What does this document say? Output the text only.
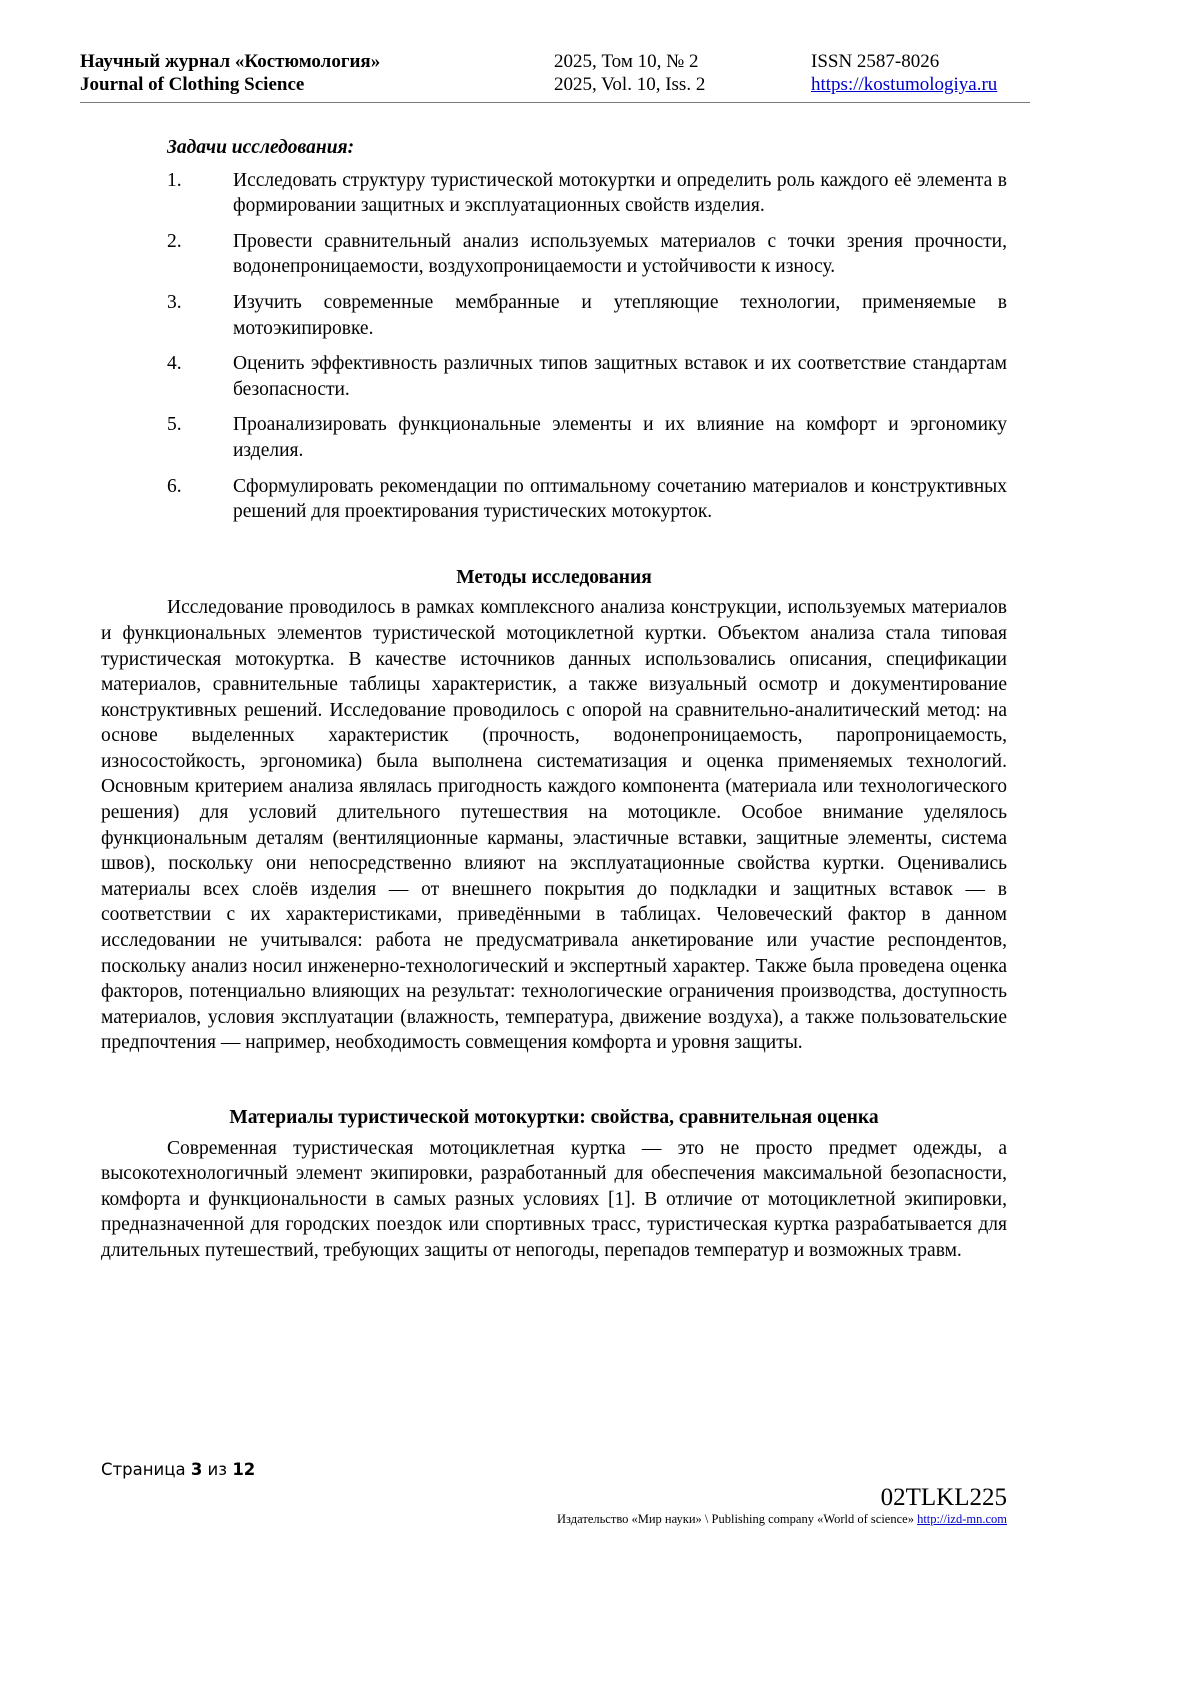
Научный журнал «Костюмология»
Journal of Clothing Science
2025, Том 10, № 2
2025, Vol. 10, Iss. 2
ISSN 2587-8026
https://kostumologiya.ru
Задачи исследования:
1.	Исследовать структуру туристической мотокуртки и определить роль каждого её элемента в формировании защитных и эксплуатационных свойств изделия.
2.	Провести сравнительный анализ используемых материалов с точки зрения прочности, водонепроницаемости, воздухопроницаемости и устойчивости к износу.
3.	Изучить современные мембранные и утепляющие технологии, применяемые в мотоэкипировке.
4.	Оценить эффективность различных типов защитных вставок и их соответствие стандартам безопасности.
5.	Проанализировать функциональные элементы и их влияние на комфорт и эргономику изделия.
6.	Сформулировать рекомендации по оптимальному сочетанию материалов и конструктивных решений для проектирования туристических мотокурток.
Методы исследования

Исследование проводилось в рамках комплексного анализа конструкции, используемых материалов и функциональных элементов туристической мотоциклетной куртки. Объектом анализа стала типовая туристическая мотокуртка. В качестве источников данных использовались описания, спецификации материалов, сравнительные таблицы характеристик, а также визуальный осмотр и документирование конструктивных решений. Исследование проводилось с опорой на сравнительно-аналитический метод: на основе выделенных характеристик (прочность, водонепроницаемость, паропроницаемость, износостойкость, эргономика) была выполнена систематизация и оценка применяемых технологий. Основным критерием анализа являлась пригодность каждого компонента (материала или технологического решения) для условий длительного путешествия на мотоцикле. Особое внимание уделялось функциональным деталям (вентиляционные карманы, эластичные вставки, защитные элементы, система швов), поскольку они непосредственно влияют на эксплуатационные свойства куртки. Оценивались материалы всех слоёв изделия — от внешнего покрытия до подкладки и защитных вставок — в соответствии с их характеристиками, приведёнными в таблицах. Человеческий фактор в данном исследовании не учитывался: работа не предусматривала анкетирование или участие респондентов, поскольку анализ носил инженерно-технологический и экспертный характер. Также была проведена оценка факторов, потенциально влияющих на результат: технологические ограничения производства, доступность материалов, условия эксплуатации (влажность, температура, движение воздуха), а также пользовательские предпочтения — например, необходимость совмещения комфорта и уровня защиты.

Материалы туристической мотокуртки: свойства, сравнительная оценка

Современная туристическая мотоциклетная куртка — это не просто предмет одежды, а высокотехнологичный элемент экипировки, разработанный для обеспечения максимальной безопасности, комфорта и функциональности в самых разных условиях [1]. В отличие от мотоциклетной экипировки, предназначенной для городских поездок или спортивных трасс, туристическая куртка разрабатывается для длительных путешествий, требующих защиты от непогоды, перепадов температур и возможных травм.

Страница 3 из 12
02TLKL225
Издательство «Мир науки» \ Publishing company «World of science» http://izd-mn.com
